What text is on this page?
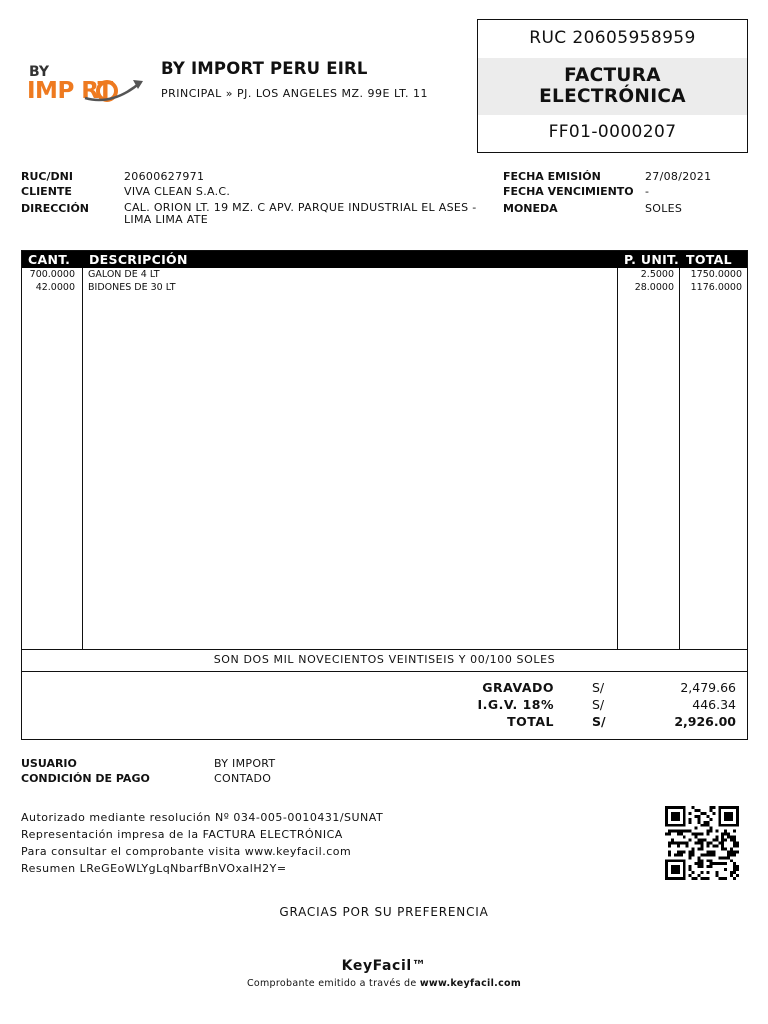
BY
IMP RT
BY IMPORT PERU EIRL
PRINCIPAL » PJ. LOS ANGELES MZ. 99E LT. 11
RUC 20605958959
FACTURA
ELECTRÓNICA
FF01-0000207
RUC/DNI	20600627971
CLIENTE	VIVA CLEAN S.A.C.
DIRECCIÓN	CAL. ORION LT. 19 MZ. C APV. PARQUE INDUSTRIAL EL ASES - LIMA LIMA ATE
FECHA EMISIÓN	27/08/2021
FECHA VENCIMIENTO -
MONEDA	SOLES
CANT. DESCRIPCIÓN	P. UNIT. TOTAL
700.0000 GALON DE 4 LT	2.5000 1750.0000
42.0000 BIDONES DE 30 LT	28.0000 1176.0000
SON DOS MIL NOVECIENTOS VEINTISEIS Y 00/100 SOLES
GRAVADO	S/	2,479.66
I.G.V. 18%	S/	446.34
TOTAL	S/	2,926.00
USUARIO	BY IMPORT
CONDICIÓN DE PAGO	CONTADO
Autorizado mediante resolución Nº 034-005-0010431/SUNAT
Representación impresa de la FACTURA ELECTRÓNICA
Para consultar el comprobante visita www.keyfacil.com
Resumen LReGEoWLYgLqNbarfBnVOxalH2Y=
GRACIAS POR SU PREFERENCIA
KeyFacil™
Comprobante emitido a través de www.keyfacil.com
